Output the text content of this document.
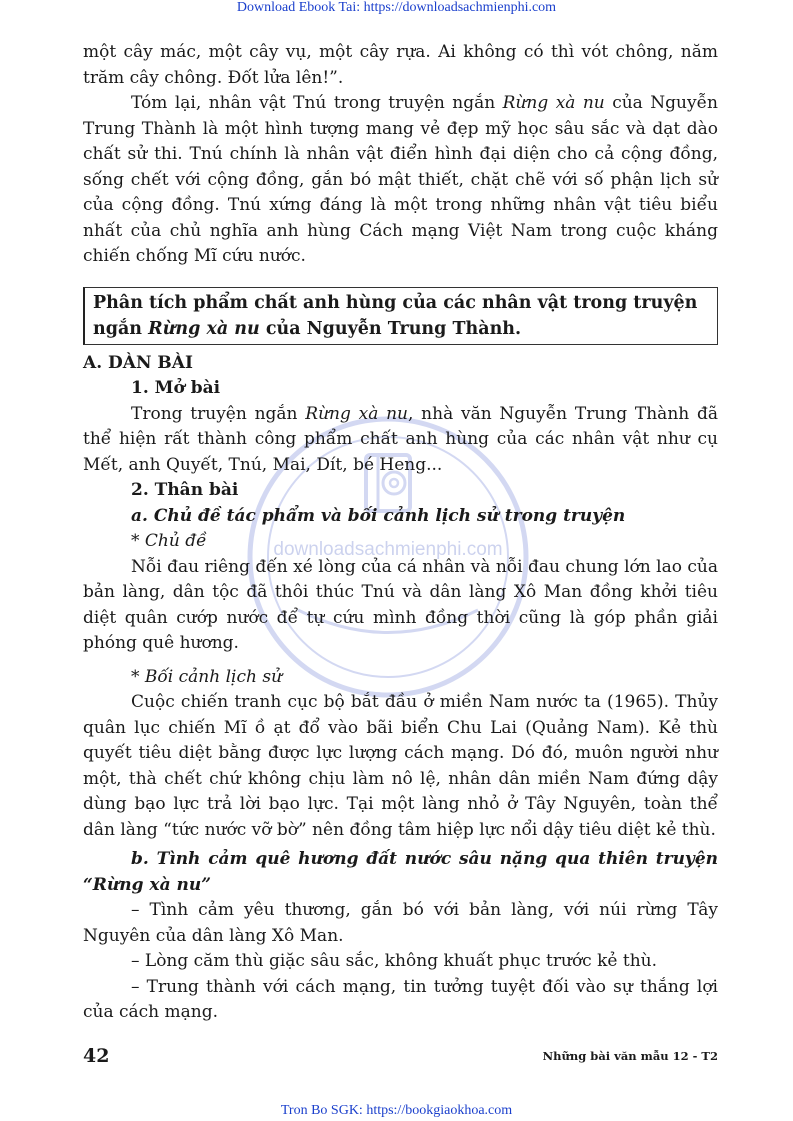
Download Ebook Tai: https://downloadsachmienphi.com
downloadsachmienphi.com

một cây mác, một cây vụ, một cây rựa. Ai không có thì vót chông, năm trăm cây chông. Đốt lửa lên!”.

Tóm lại, nhân vật Tnú trong truyện ngắn Rừng xà nu của Nguyễn Trung Thành là một hình tượng mang vẻ đẹp mỹ học sâu sắc và dạt dào chất sử thi. Tnú chính là nhân vật điển hình đại diện cho cả cộng đồng, sống chết với cộng đồng, gắn bó mật thiết, chặt chẽ với số phận lịch sử của cộng đồng. Tnú xứng đáng là một trong những nhân vật tiêu biểu nhất của chủ nghĩa anh hùng Cách mạng Việt Nam trong cuộc kháng chiến chống Mĩ cứu nước.

Phân tích phẩm chất anh hùng của các nhân vật trong truyện ngắn Rừng xà nu của Nguyễn Trung Thành.

A. DÀN BÀI

1. Mở bài

Trong truyện ngắn Rừng xà nu, nhà văn Nguyễn Trung Thành đã thể hiện rất thành công phẩm chất anh hùng của các nhân vật như cụ Mết, anh Quyết, Tnú, Mai, Dít, bé Heng...

2. Thân bài

a. Chủ đề tác phẩm và bối cảnh lịch sử trong truyện

* Chủ đề

Nỗi đau riêng đến xé lòng của cá nhân và nỗi đau chung lớn lao của bản làng, dân tộc đã thôi thúc Tnú và dân làng Xô Man đồng khởi tiêu diệt quân cướp nước để tự cứu mình đồng thời cũng là góp phần giải phóng quê hương.

* Bối cảnh lịch sử

Cuộc chiến tranh cục bộ bắt đầu ở miền Nam nước ta (1965). Thủy quân lục chiến Mĩ ồ ạt đổ vào bãi biển Chu Lai (Quảng Nam). Kẻ thù quyết tiêu diệt bằng được lực lượng cách mạng. Dó đó, muôn người như một, thà chết chứ không chịu làm nô lệ, nhân dân miền Nam đứng dậy dùng bạo lực trả lời bạo lực. Tại một làng nhỏ ở Tây Nguyên, toàn thể dân làng “tức nước vỡ bờ” nên đồng tâm hiệp lực nổi dậy tiêu diệt kẻ thù.

b. Tình cảm quê hương đất nước sâu nặng qua thiên truyện “Rừng xà nu”

– Tình cảm yêu thương, gắn bó với bản làng, với núi rừng Tây Nguyên của dân làng Xô Man.

– Lòng căm thù giặc sâu sắc, không khuất phục trước kẻ thù.

– Trung thành với cách mạng, tin tưởng tuyệt đối vào sự thắng lợi của cách mạng.

42	Những bài văn mẫu 12 - T2
Tron Bo SGK: https://bookgiaokhoa.com
